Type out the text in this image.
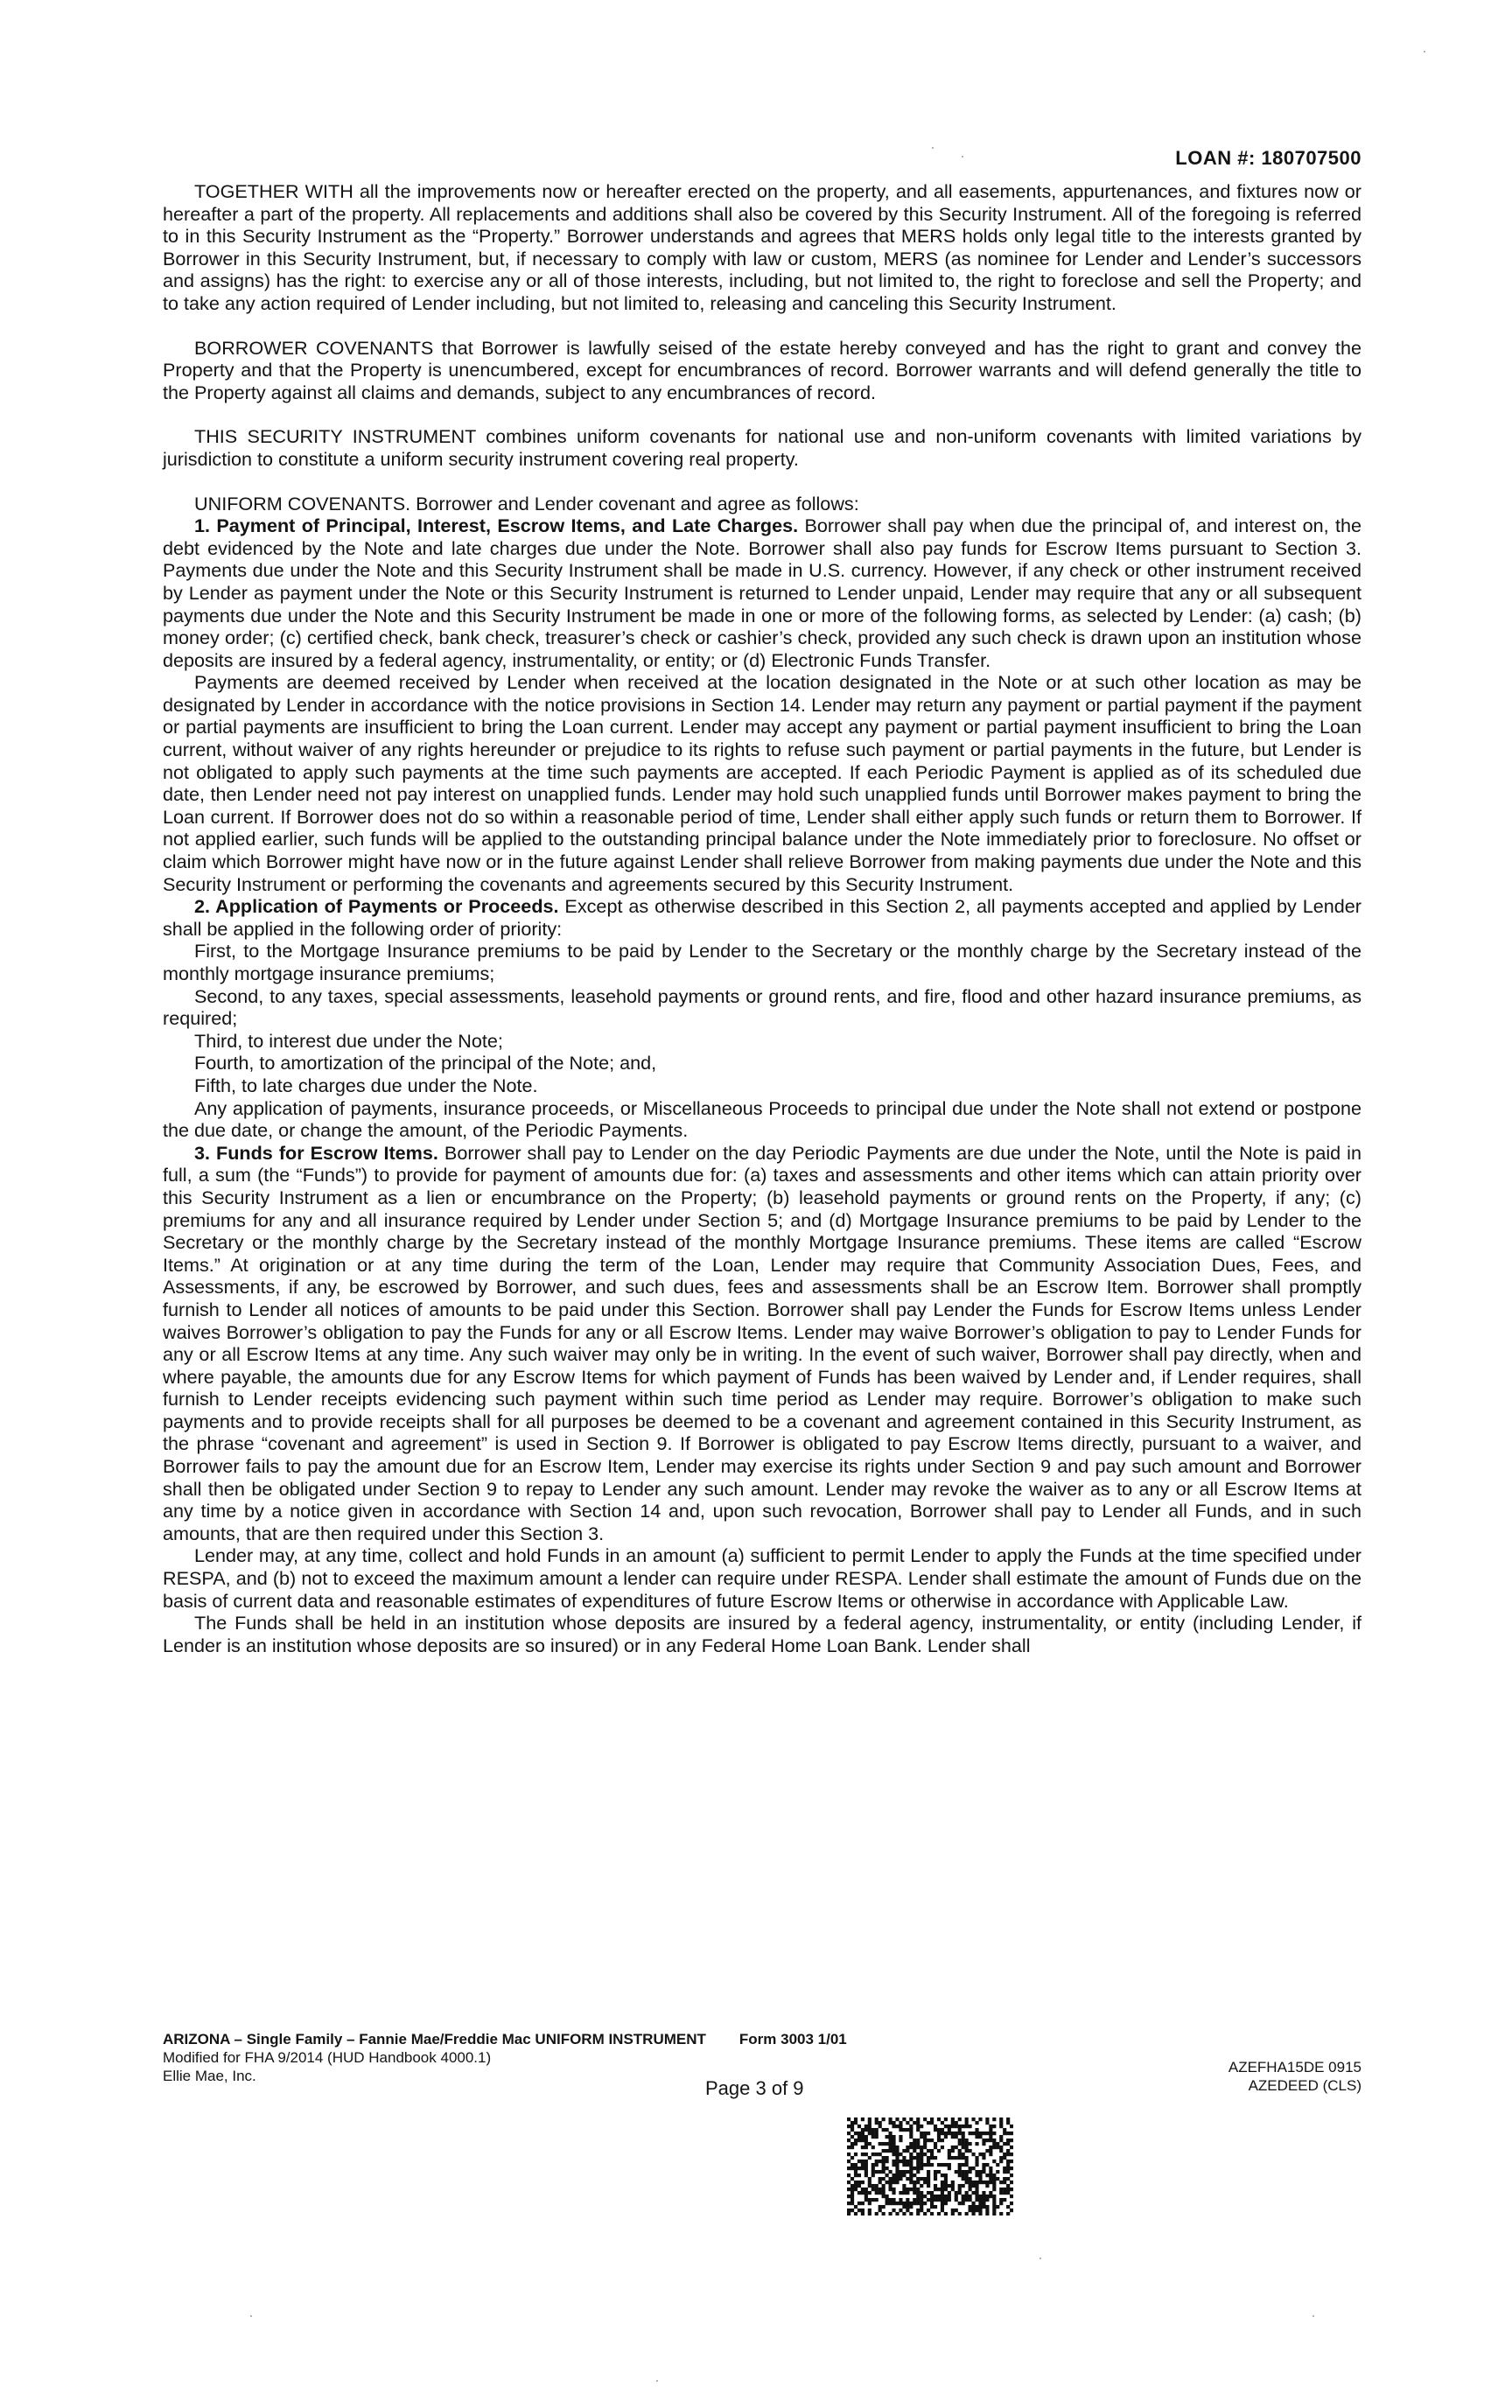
LOAN #: 180707500

TOGETHER WITH all the improvements now or hereafter erected on the property, and all easements, appurtenances, and fixtures now or hereafter a part of the property. All replacements and additions shall also be covered by this Security Instrument. All of the foregoing is referred to in this Security Instrument as the “Property.” Borrower understands and agrees that MERS holds only legal title to the interests granted by Borrower in this Security Instrument, but, if necessary to comply with law or custom, MERS (as nominee for Lender and Lender’s successors and assigns) has the right: to exercise any or all of those interests, including, but not limited to, the right to foreclose and sell the Property; and to take any action required of Lender including, but not limited to, releasing and canceling this Security Instrument.

BORROWER COVENANTS that Borrower is lawfully seised of the estate hereby conveyed and has the right to grant and convey the Property and that the Property is unencumbered, except for encumbrances of record. Borrower warrants and will defend generally the title to the Property against all claims and demands, subject to any encumbrances of record.

THIS SECURITY INSTRUMENT combines uniform covenants for national use and non-uniform covenants with limited variations by jurisdiction to constitute a uniform security instrument covering real property.

UNIFORM COVENANTS. Borrower and Lender covenant and agree as follows:

1. Payment of Principal, Interest, Escrow Items, and Late Charges. Borrower shall pay when due the principal of, and interest on, the debt evidenced by the Note and late charges due under the Note. Borrower shall also pay funds for Escrow Items pursuant to Section 3. Payments due under the Note and this Security Instrument shall be made in U.S. currency. However, if any check or other instrument received by Lender as payment under the Note or this Security Instrument is returned to Lender unpaid, Lender may require that any or all subsequent payments due under the Note and this Security Instrument be made in one or more of the following forms, as selected by Lender: (a) cash; (b) money order; (c) certified check, bank check, treasurer’s check or cashier’s check, provided any such check is drawn upon an institution whose deposits are insured by a federal agency, instrumentality, or entity; or (d) Electronic Funds Transfer.

Payments are deemed received by Lender when received at the location designated in the Note or at such other location as may be designated by Lender in accordance with the notice provisions in Section 14. Lender may return any payment or partial payment if the payment or partial payments are insufficient to bring the Loan current. Lender may accept any payment or partial payment insufficient to bring the Loan current, without waiver of any rights hereunder or prejudice to its rights to refuse such payment or partial payments in the future, but Lender is not obligated to apply such payments at the time such payments are accepted. If each Periodic Payment is applied as of its scheduled due date, then Lender need not pay interest on unapplied funds. Lender may hold such unapplied funds until Borrower makes payment to bring the Loan current. If Borrower does not do so within a reasonable period of time, Lender shall either apply such funds or return them to Borrower. If not applied earlier, such funds will be applied to the outstanding principal balance under the Note immediately prior to foreclosure. No offset or claim which Borrower might have now or in the future against Lender shall relieve Borrower from making payments due under the Note and this Security Instrument or performing the covenants and agreements secured by this Security Instrument.

2. Application of Payments or Proceeds. Except as otherwise described in this Section 2, all payments accepted and applied by Lender shall be applied in the following order of priority:

First, to the Mortgage Insurance premiums to be paid by Lender to the Secretary or the monthly charge by the Secretary instead of the monthly mortgage insurance premiums;

Second, to any taxes, special assessments, leasehold payments or ground rents, and fire, flood and other hazard insurance premiums, as required;

Third, to interest due under the Note;

Fourth, to amortization of the principal of the Note; and,

Fifth, to late charges due under the Note.

Any application of payments, insurance proceeds, or Miscellaneous Proceeds to principal due under the Note shall not extend or postpone the due date, or change the amount, of the Periodic Payments.

3. Funds for Escrow Items. Borrower shall pay to Lender on the day Periodic Payments are due under the Note, until the Note is paid in full, a sum (the “Funds”) to provide for payment of amounts due for: (a) taxes and assessments and other items which can attain priority over this Security Instrument as a lien or encumbrance on the Property; (b) leasehold payments or ground rents on the Property, if any; (c) premiums for any and all insurance required by Lender under Section 5; and (d) Mortgage Insurance premiums to be paid by Lender to the Secretary or the monthly charge by the Secretary instead of the monthly Mortgage Insurance premiums. These items are called “Escrow Items.” At origination or at any time during the term of the Loan, Lender may require that Community Association Dues, Fees, and Assessments, if any, be escrowed by Borrower, and such dues, fees and assessments shall be an Escrow Item. Borrower shall promptly furnish to Lender all notices of amounts to be paid under this Section. Borrower shall pay Lender the Funds for Escrow Items unless Lender waives Borrower’s obligation to pay the Funds for any or all Escrow Items. Lender may waive Borrower’s obligation to pay to Lender Funds for any or all Escrow Items at any time. Any such waiver may only be in writing. In the event of such waiver, Borrower shall pay directly, when and where payable, the amounts due for any Escrow Items for which payment of Funds has been waived by Lender and, if Lender requires, shall furnish to Lender receipts evidencing such payment within such time period as Lender may require. Borrower’s obligation to make such payments and to provide receipts shall for all purposes be deemed to be a covenant and agreement contained in this Security Instrument, as the phrase “covenant and agreement” is used in Section 9. If Borrower is obligated to pay Escrow Items directly, pursuant to a waiver, and Borrower fails to pay the amount due for an Escrow Item, Lender may exercise its rights under Section 9 and pay such amount and Borrower shall then be obligated under Section 9 to repay to Lender any such amount. Lender may revoke the waiver as to any or all Escrow Items at any time by a notice given in accordance with Section 14 and, upon such revocation, Borrower shall pay to Lender all Funds, and in such amounts, that are then required under this Section 3.

Lender may, at any time, collect and hold Funds in an amount (a) sufficient to permit Lender to apply the Funds at the time specified under RESPA, and (b) not to exceed the maximum amount a lender can require under RESPA. Lender shall estimate the amount of Funds due on the basis of current data and reasonable estimates of expenditures of future Escrow Items or otherwise in accordance with Applicable Law.

The Funds shall be held in an institution whose deposits are insured by a federal agency, instrumentality, or entity (including Lender, if Lender is an institution whose deposits are so insured) or in any Federal Home Loan Bank. Lender shall

ARIZONA – Single Family – Fannie Mae/Freddie Mac UNIFORM INSTRUMENT Form 3003 1/01
Modified for FHA 9/2014 (HUD Handbook 4000.1)
Ellie Mae, Inc.
Page 3 of 9
AZEFHA15DE 0915
AZEDEED (CLS)
